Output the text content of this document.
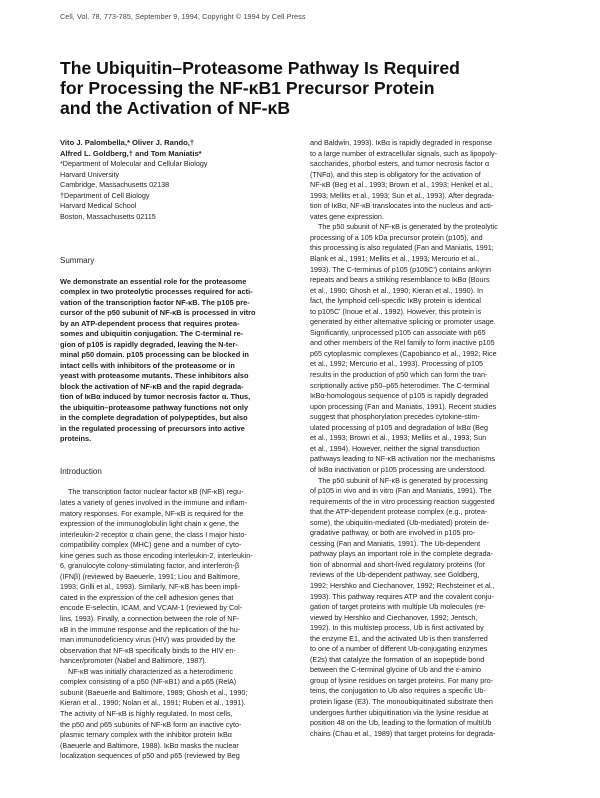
Cell, Vol. 78, 773-785, September 9, 1994, Copyright © 1994 by Cell Press
The Ubiquitin–Proteasome Pathway Is Required
for Processing the NF-κB1 Precursor Protein
and the Activation of NF-κB
Vito J. Palombella,* Oliver J. Rando,†
Alfred L. Goldberg,† and Tom Maniatis*
*Department of Molecular and Cellular Biology
Harvard University
Cambridge, Massachusetts 02138
†Department of Cell Biology
Harvard Medical School
Boston, Massachusetts 02115
Summary
We demonstrate an essential role for the proteasome
complex in two proteolytic processes required for acti-
vation of the transcription factor NF-κB. The p105 pre-
cursor of the p50 subunit of NF-κB is processed in vitro
by an ATP-dependent process that requires protea-
somes and ubiquitin conjugation. The C-terminal re-
gion of p105 is rapidly degraded, leaving the N-ter-
minal p50 domain. p105 processing can be blocked in
intact cells with inhibitors of the proteasome or in
yeast with proteasome mutants. These inhibitors also
block the activation of NF-κB and the rapid degrada-
tion of IκBα induced by tumor necrosis factor α. Thus,
the ubiquitin–proteasome pathway functions not only
in the complete degradation of polypeptides, but also
in the regulated processing of precursors into active
proteins.
Introduction
The transcription factor nuclear factor κB (NF-κB) regu-
lates a variety of genes involved in the immune and inflam-
matory responses. For example, NF-κB is required for the
expression of the immunoglobulin light chain κ gene, the
interleukin-2 receptor α chain gene, the class I major histo-
compatibility complex (MHC) gene and a number of cyto-
kine genes such as those encoding interleukin-2, interleukin-
6, granulocyte colony-stimulating factor, and interferon-β
(IFNβ) (reviewed by Baeuerle, 1991; Liou and Baltimore,
1993; Grilli et al., 1993). Similarly, NF-κB has been impli-
cated in the expression of the cell adhesion genes that
encode E-selectin, ICAM, and VCAM-1 (reviewed by Col-
lins, 1993). Finally, a connection between the role of NF-
κB in the immune response and the replication of the hu-
man immunodeficiency virus (HIV) was provided by the
observation that NF-κB specifically binds to the HIV en-
hancer/promoter (Nabel and Baltimore, 1987).
NF-κB was initially characterized as a heterodimeric
complex consisting of a p50 (NF-κB1) and a p65 (RelA)
subunit (Baeuerle and Baltimore, 1989; Ghosh et al., 1990;
Kieran et al., 1990; Nolan et al., 1991; Ruben et al., 1991).
The activity of NF-κB is highly regulated. In most cells,
the p50 and p65 subunits of NF-κB form an inactive cyto-
plasmic ternary complex with the inhibitor protein IκBα
(Baeuerle and Baltimore, 1988). IκBα masks the nuclear
localization sequences of p50 and p65 (reviewed by Beg
and Baldwin, 1993). IκBα is rapidly degraded in response
to a large number of extracellular signals, such as lipopoly-
saccharides, phorbol esters, and tumor necrosis factor α
(TNFα), and this step is obligatory for the activation of
NF-κB (Beg et al., 1993; Brown et al., 1993; Henkel et al.,
1993; Mellits et al., 1993; Sun et al., 1993). After degrada-
tion of IκBα, NF-κB translocates into the nucleus and acti-
vates gene expression.
The p50 subunit of NF-κB is generated by the proteolytic
processing of a 105 kDa precursor protein (p105), and
this processing is also regulated (Fan and Maniatis, 1991;
Blank et al., 1991; Mellits et al., 1993; Mercurio et al.,
1993). The C-terminus of p105 (p105C') contains ankyrin
repeats and bears a striking resemblance to IκBα (Bours
et al., 1990; Ghosh et al., 1990; Kieran et al., 1990). In
fact, the lymphoid cell-specific IκBγ protein is identical
to p105C' (Inoue et al., 1992). However, this protein is
generated by either alternative splicing or promoter usage.
Significantly, unprocessed p105 can associate with p65
and other members of the Rel family to form inactive p105
p65 cytoplasmic complexes (Capobianco et al., 1992; Rice
et al., 1992; Mercurio et al., 1993). Processing of p105
results in the production of p50 which can form the tran-
scriptionally active p50–p65 heterodimer. The C-terminal
IκBα-homologous sequence of p105 is rapidly degraded
upon processing (Fan and Maniatis, 1991). Recent studies
suggest that phosphorylation precedes cytokine-stim-
ulated processing of p105 and degradation of IκBα (Beg
et al., 1993; Brown et al., 1993; Mellits et al., 1993; Sun
et al., 1994). However, neither the signal transduction
pathways leading to NF-κB activation nor the mechanisms
of IκBα inactivation or p105 processing are understood.
The p50 subunit of NF-κB is generated by processing
of p105 in vivo and in vitro (Fan and Maniatis, 1991). The
requirements of the in vitro processing reaction suggested
that the ATP-dependent protease complex (e.g., protea-
some), the ubiquitin-mediated (Ub-mediated) protein de-
gradative pathway, or both are involved in p105 pro-
cessing (Fan and Maniatis, 1991). The Ub-dependent
pathway plays an important role in the complete degrada-
tion of abnormal and short-lived regulatory proteins (for
reviews of the Ub-dependent pathway, see Goldberg,
1992; Hershko and Ciechanover, 1992; Rechsteiner et al.,
1993). This pathway requires ATP and the covalent conju-
gation of target proteins with multiple Ub molecules (re-
viewed by Hershko and Ciechanover, 1992; Jentsch,
1992). In this multistep process, Ub is first activated by
the enzyme E1, and the activated Ub is then transferred
to one of a number of different Ub-conjugating enzymes
(E2s) that catalyze the formation of an isopeptide bond
between the C-terminal glycine of Ub and the ε-amino
group of lysine residues on target proteins. For many pro-
teins, the conjugation to Ub also requires a specific Ub-
protein ligase (E3). The monoubiquitinated substrate then
undergoes further ubiquitination via the lysine residue at
position 48 on the Ub, leading to the formation of multiUb
chains (Chau et al., 1989) that target proteins for degrada-
